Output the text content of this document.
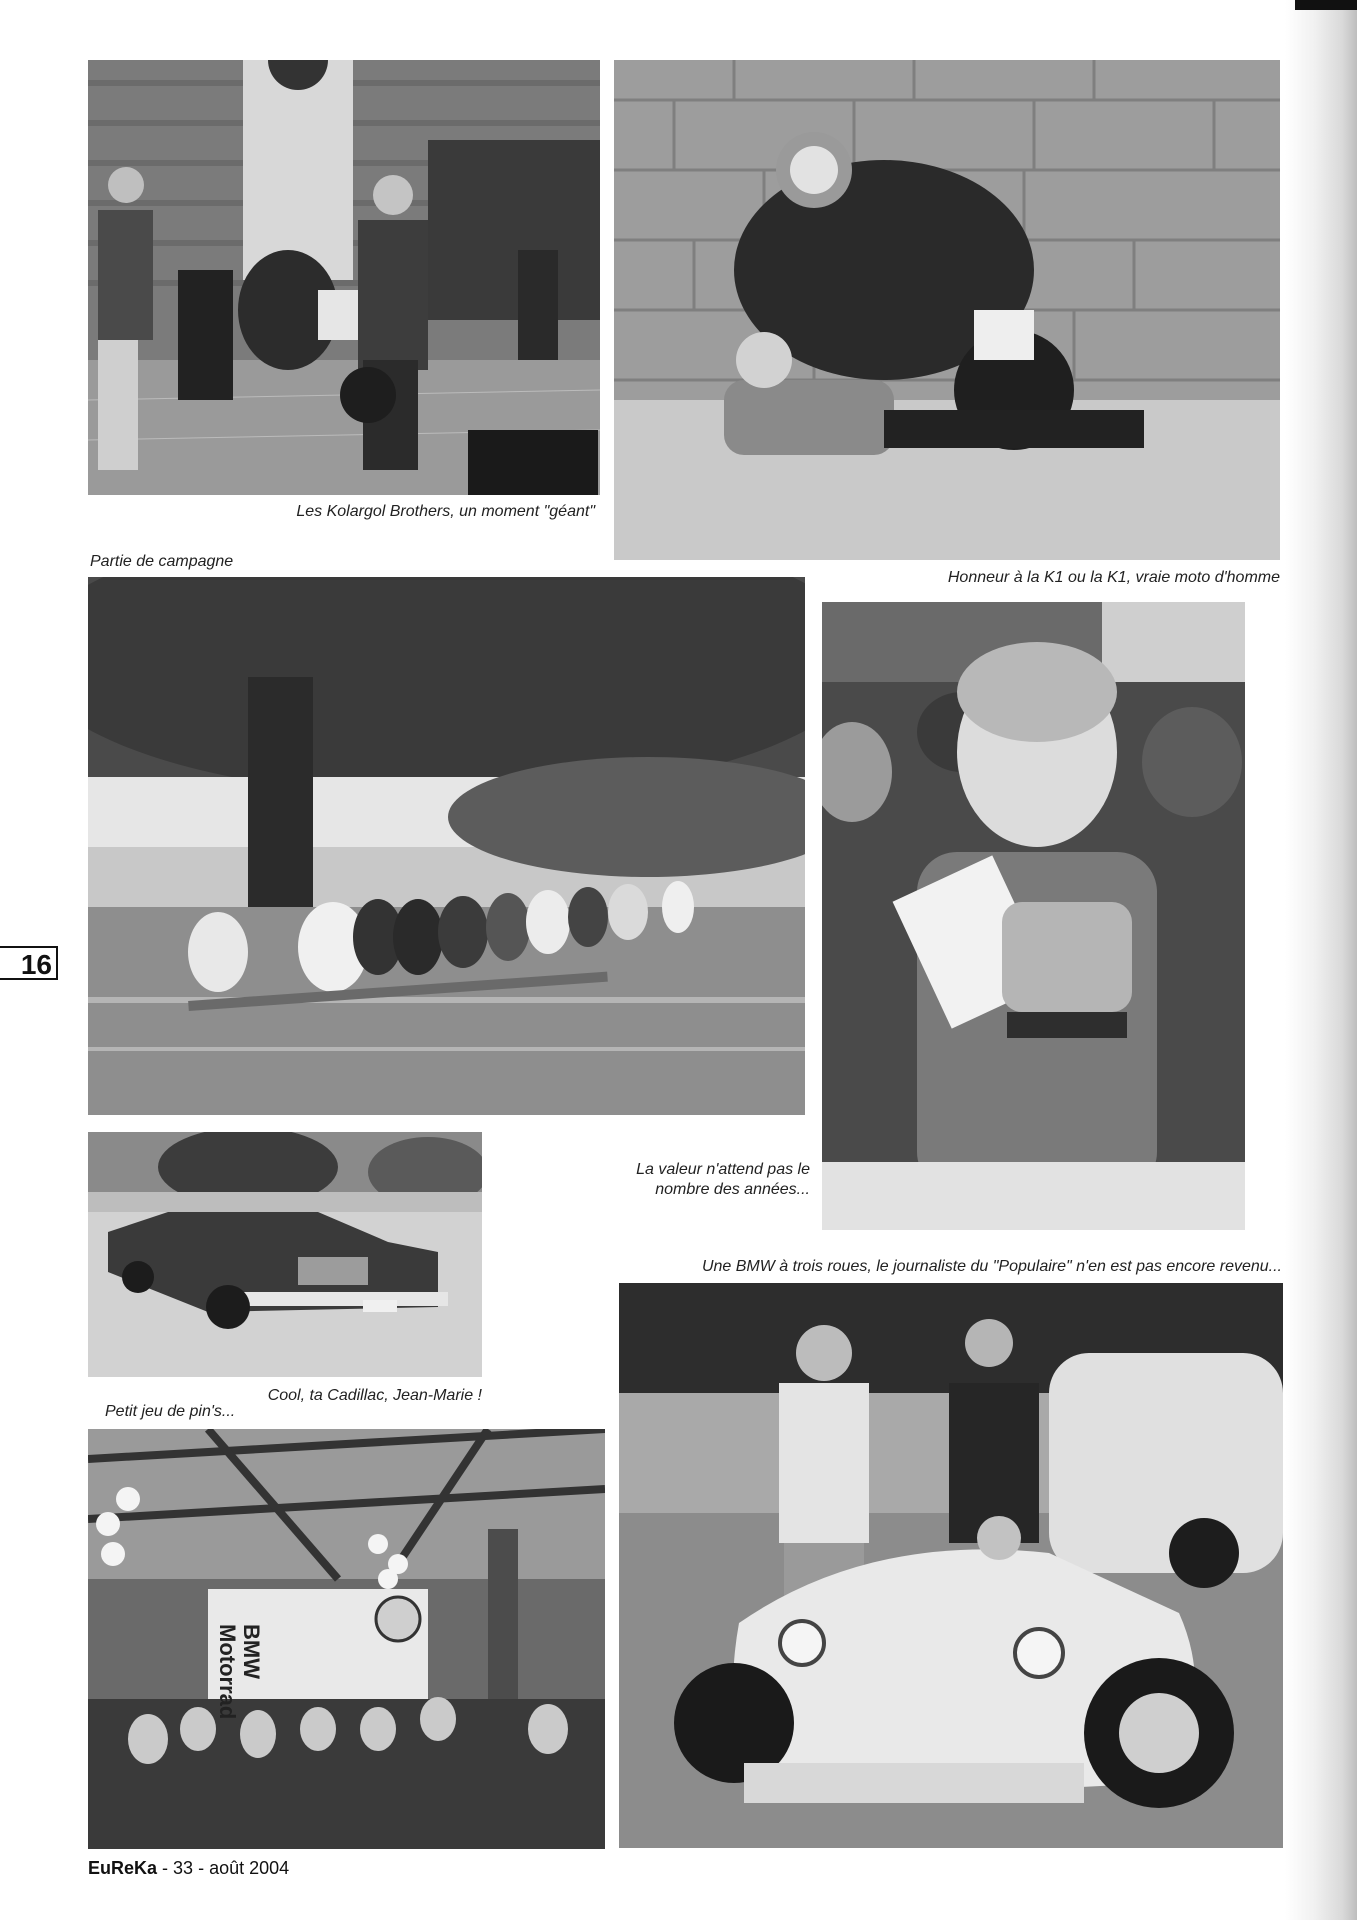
BMW
Motorrad
Les Kolargol Brothers, un moment "géant"
Partie de campagne
Honneur à la K1 ou la K1, vraie moto d'homme
La valeur n'attend pas le nombre des années...
Une BMW à trois roues, le journaliste du "Populaire" n'en est pas encore revenu...
Cool, ta Cadillac, Jean-Marie !
Petit jeu de pin's...
16
EuReKa - 33 - août 2004
